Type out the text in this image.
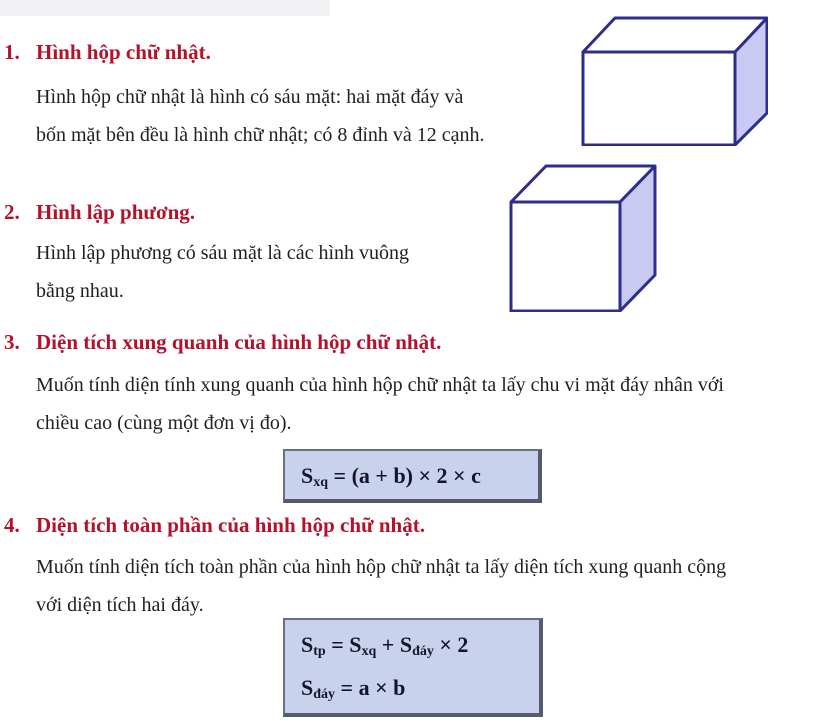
1. Hình hộp chữ nhật.
Hình hộp chữ nhật là hình có sáu mặt: hai mặt đáy và
bốn mặt bên đều là hình chữ nhật; có 8 đỉnh và 12 cạnh.
2. Hình lập phương.
Hình lập phương có sáu mặt là các hình vuông
bằng nhau.
3. Diện tích xung quanh của hình hộp chữ nhật.
Muốn tính diện tính xung quanh của hình hộp chữ nhật ta lấy chu vi mặt đáy nhân với
chiều cao (cùng một đơn vị đo).
$S_{xq} = (a + b) \times 2 \times c$
4. Diện tích toàn phần của hình hộp chữ nhật.
Muốn tính diện tích toàn phần của hình hộp chữ nhật ta lấy diện tích xung quanh cộng
với diện tích hai đáy.
$S_{tp} = S_{xq} + S_{đáy} \times 2$
$S_{đáy} = a \times b$
